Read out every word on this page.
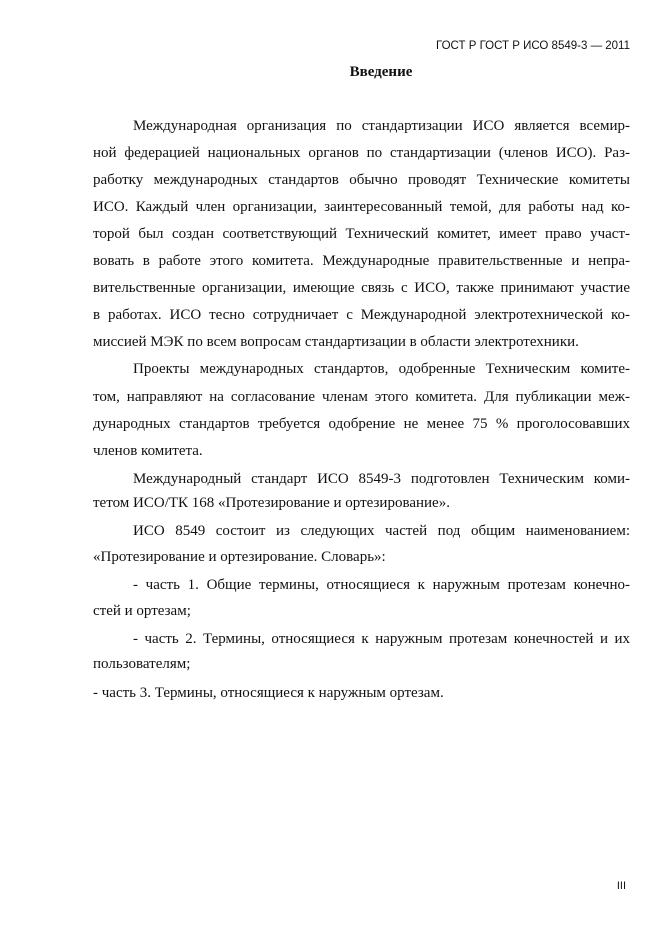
ГОСТ Р ГОСТ Р ИСО 8549-3 — 2011
Введение
Международная организация по стандартизации ИСО является всемир-
ной федерацией национальных органов по стандартизации (членов ИСО). Раз-
работку международных стандартов обычно проводят Технические комитеты
ИСО. Каждый член организации, заинтересованный темой, для работы над ко-
торой был создан соответствующий Технический комитет, имеет право участ-
вовать в работе этого комитета. Международные правительственные и непра-
вительственные организации, имеющие связь с ИСО, также принимают участие
в работах. ИСО тесно сотрудничает с Международной электротехнической ко-
миссией МЭК по всем вопросам стандартизации в области электротехники.
Проекты международных стандартов, одобренные Техническим комите-
том, направляют на согласование членам этого комитета. Для публикации меж-
дународных стандартов требуется одобрение не менее 75 % проголосовавших
членов комитета.
Международный стандарт ИСО 8549-3 подготовлен Техническим коми-
тетом ИСО/ТК 168 «Протезирование и ортезирование».
ИСО 8549 состоит из следующих частей под общим наименованием:
«Протезирование и ортезирование. Словарь»:
- часть 1. Общие термины, относящиеся к наружным протезам конечно-
стей и ортезам;
- часть 2. Термины, относящиеся к наружным протезам конечностей и их
пользователям;
- часть 3. Термины, относящиеся к наружным ортезам.
III
